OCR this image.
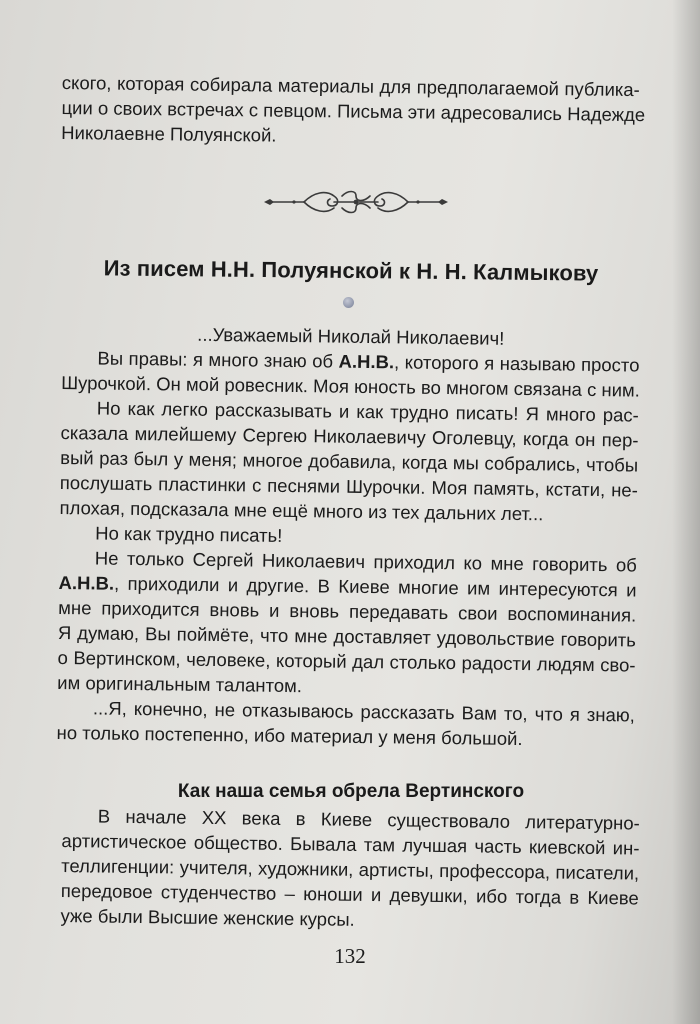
ского, которая собирала материалы для предполагаемой публика-
ции о своих встречах с певцом. Письма эти адресовались Надежде
Николаевне Полуянской.
Из писем Н.Н. Полуянской к Н. Н. Калмыкову
...Уважаемый Николай Николаевич!
Вы правы: я много знаю об А.Н.В., которого я называю просто
Шурочкой. Он мой ровесник. Моя юность во многом связана с ним.
Но как легко рассказывать и как трудно писать! Я много рас-
сказала милейшему Сергею Николаевичу Оголевцу, когда он пер-
вый раз был у меня; многое добавила, когда мы собрались, чтобы
послушать пластинки с песнями Шурочки. Моя память, кстати, не-
плохая, подсказала мне ещё много из тех дальних лет...
Но как трудно писать!
Не только Сергей Николаевич приходил ко мне говорить об
А.Н.В., приходили и другие. В Киеве многие им интересуются и
мне приходится вновь и вновь передавать свои воспоминания.
Я думаю, Вы поймёте, что мне доставляет удовольствие говорить
о Вертинском, человеке, который дал столько радости людям сво-
им оригинальным талантом.
...Я, конечно, не отказываюсь рассказать Вам то, что я знаю,
но только постепенно, ибо материал у меня большой.
Как наша семья обрела Вертинского
В начале XX века в Киеве существовало литературно-
артистическое общество. Бывала там лучшая часть киевской ин-
теллигенции: учителя, художники, артисты, профессора, писатели,
передовое студенчество – юноши и девушки, ибо тогда в Киеве
уже были Высшие женские курсы.
132
